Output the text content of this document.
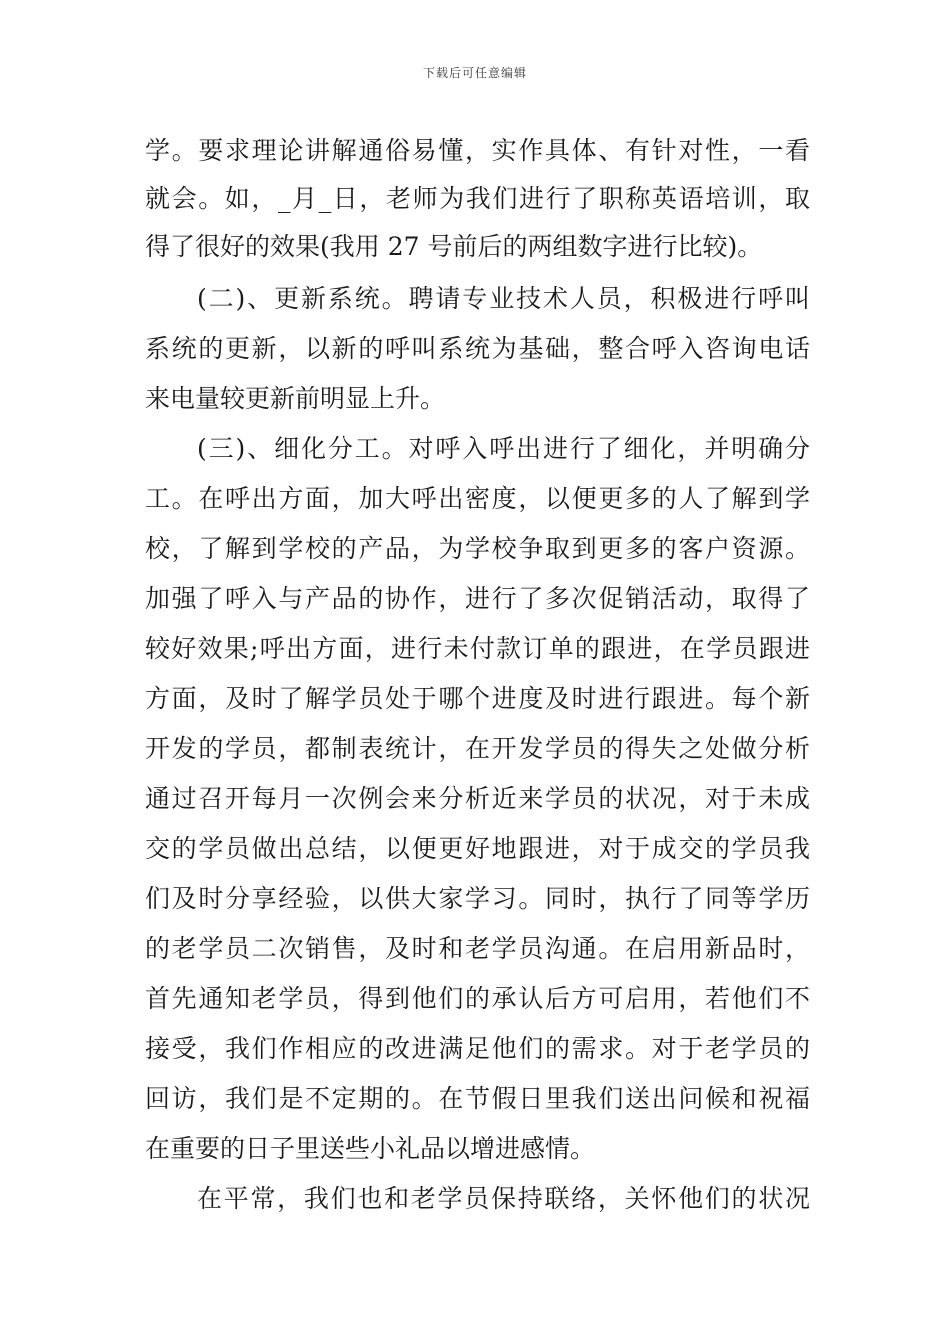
下载后可任意编辑
学。要求理论讲解通俗易懂，实作具体、有针对性，一看
就会。如，_月_日，老师为我们进行了职称英语培训，取
得了很好的效果(我用 27 号前后的两组数字进行比较)。
(二)、更新系统。聘请专业技术人员，积极进行呼叫
系统的更新，以新的呼叫系统为基础，整合呼入咨询电话
来电量较更新前明显上升。
(三)、细化分工。对呼入呼出进行了细化，并明确分
工。在呼出方面，加大呼出密度，以便更多的人了解到学
校，了解到学校的产品，为学校争取到更多的客户资源。
加强了呼入与产品的协作，进行了多次促销活动，取得了
较好效果;呼出方面，进行未付款订单的跟进，在学员跟进
方面，及时了解学员处于哪个进度及时进行跟进。每个新
开发的学员，都制表统计，在开发学员的得失之处做分析
通过召开每月一次例会来分析近来学员的状况，对于未成
交的学员做出总结，以便更好地跟进，对于成交的学员我
们及时分享经验，以供大家学习。同时，执行了同等学历
的老学员二次销售，及时和老学员沟通。在启用新品时，
首先通知老学员，得到他们的承认后方可启用，若他们不
接受，我们作相应的改进满足他们的需求。对于老学员的
回访，我们是不定期的。在节假日里我们送出问候和祝福
在重要的日子里送些小礼品以增进感情。
在平常，我们也和老学员保持联络，关怀他们的状况
